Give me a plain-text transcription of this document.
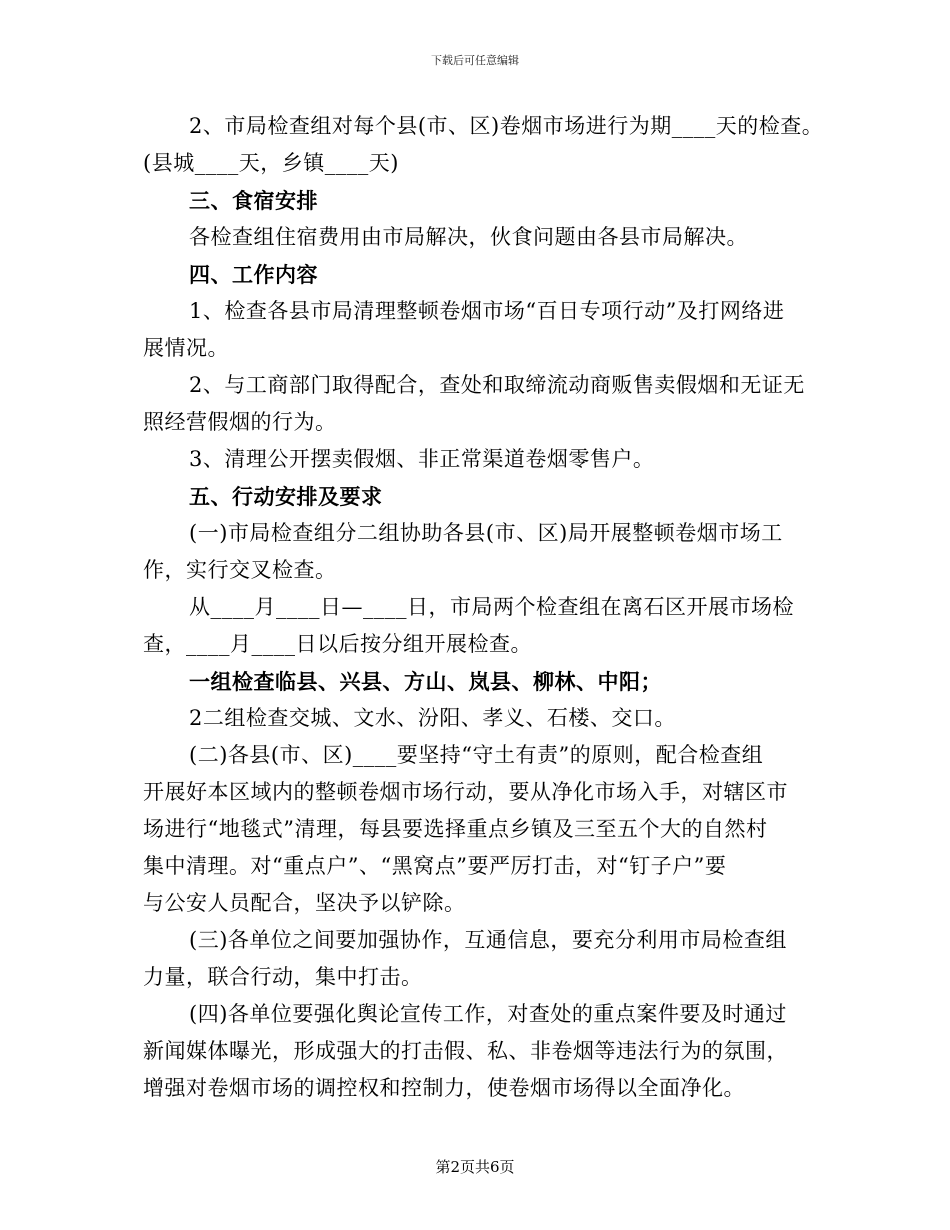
下载后可任意编辑
2、市局检查组对每个县(市、区)卷烟市场进行为期____天的检查。
(县城____天，乡镇____天)
三、食宿安排
各检查组住宿费用由市局解决，伙食问题由各县市局解决。
四、工作内容
1、检查各县市局清理整顿卷烟市场“百日专项行动”及打网络进
展情况。
2、与工商部门取得配合，查处和取缔流动商贩售卖假烟和无证无
照经营假烟的行为。
3、清理公开摆卖假烟、非正常渠道卷烟零售户。
五、行动安排及要求
(一)市局检查组分二组协助各县(市、区)局开展整顿卷烟市场工
作，实行交叉检查。
从____月____日—____日，市局两个检查组在离石区开展市场检
查，____月____日以后按分组开展检查。
一组检查临县、兴县、方山、岚县、柳林、中阳；
2二组检查交城、文水、汾阳、孝义、石楼、交口。
(二)各县(市、区)____要坚持“守土有责”的原则，配合检查组
开展好本区域内的整顿卷烟市场行动，要从净化市场入手，对辖区市
场进行“地毯式”清理，每县要选择重点乡镇及三至五个大的自然村
集中清理。对“重点户”、“黑窝点”要严厉打击，对“钉子户”要
与公安人员配合，坚决予以铲除。
(三)各单位之间要加强协作，互通信息，要充分利用市局检查组
力量，联合行动，集中打击。
(四)各单位要强化舆论宣传工作，对查处的重点案件要及时通过
新闻媒体曝光，形成强大的打击假、私、非卷烟等违法行为的氛围，
增强对卷烟市场的调控权和控制力，使卷烟市场得以全面净化。
第2页共6页
